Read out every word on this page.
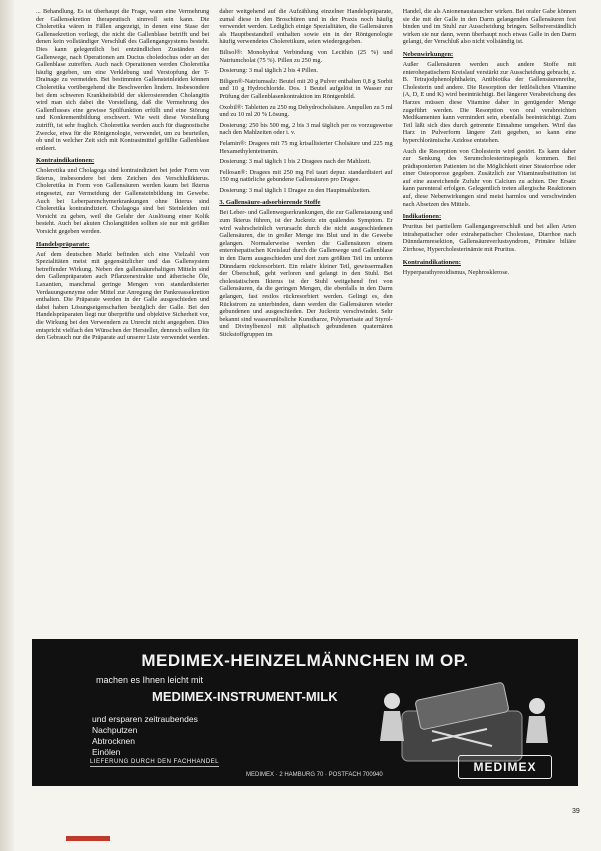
... Behandlung. Es ist überhaupt die Frage, wann eine Vermehrung der Gallensekretion therapeutisch sinnvoll sein kann. Die Choleretika wären in Fällen angezeigt, in denen eine Stase der Gallensekretion vorliegt, die nicht die Gallenblase betrifft und bei denen kein vollständiger Verschluß des Gallengangsystems besteht. Dies kann gelegentlich bei entzündlichen Zuständen der Gallenwege, nach Operationen am Ductus choledochus oder an der Gallenblase zutreffen. Auch nach Operationen werden Choleretika häufig gegeben, um eine Verklebung und Verstopfung der T-Drainage zu vermeiden. Bei bestimmten Gallensteinleiden können Choleretika vorübergehend die Beschwerden lindern. Insbesondere bei dem schweren Krankheitsbild der sklerosierenden Cholangitis wird man sich dabei die Vorstellung, daß die Vermehrung des Gallenflusses eine gewisse Spülfunktion erfüllt und eine Störung und Konkrementbildung erschwert. Wie weit diese Vorstellung zutrifft, ist sehr fraglich. Choleretika werden auch für diagnostische Zwecke, etwa für die Röntgenologie, verwendet, um zu beurteilen, ob und in welcher Zeit sich mit Kontrastmittel gefüllte Gallenblase entleert.

Kontraindikationen:

Choleretika und Cholagoga sind kontraindiziert bei jeder Form von Ikterus, insbesondere bei dem Zeichen des Verschlußikterus. Choleretika in Form von Gallensäuren werden kaum bei Ikterus eingesetzt, zur Vermeidung der Gallensteinbildung im Gewebe. Auch bei Leberparenchymerkrankungen ohne Ikterus sind Choleretika kontraindiziert. Cholagoga sind bei Steinleiden mit Vorsicht zu geben, weil die Gefahr der Auslösung einer Kolik besteht. Auch bei akuten Cholangitiden sollten sie nur mit größter Vorsicht gegeben werden.

Handelspräparate:

Auf dem deutschen Markt befinden sich eine Vielzahl von Spezialitäten meist mit gegensätzlicher und das Gallensystem betreffender Wirkung. Neben den gallensäurehaltigen Mitteln sind den Gallenpräparaten auch Pflanzenextrakte und ätherische Öle, Laxantien, manchmal geringe Mengen von standardisierter Verdauungsenzyme oder Mittel zur Anregung der Pankreassekretion enthalten. Die Präparate werden in der Galle ausgeschieden und dabei haben Lösungseigenschaften bezüglich der Galle. Bei den Handelspräparaten liegt nur überprüfte und objektive Sicherheit vor, die Wirkung bei den Verwendern zu Unrecht nicht angegeben. Dies entspricht vielfach den Wünschen der Hersteller, dennoch sollten für den Gebrauch nur die Präparate auf unserer Liste verwendet werden.

daher weitgehend auf die Aufzählung einzelner Handelspräparate, zumal diese in den Broschüren und in der Praxis noch häufig verwendet werden. Lediglich einige Spezialitäten, die Gallensäuren als Hauptbestandteil enthalten sowie ein in der Röntgenologie häufig verwendetes Choleretikum, seien wiedergegeben.

Bilisol®: Monohydrat Verbindung von Lecithin (25 %) und Natriumcholat (75 %). Pillen zu 250 mg.

Dosierung: 3 mal täglich 2 bis 4 Pillen.

Biligen®-Natriumsalz: Beutel mit 20 g Pulver enthalten 0,8 g Sorbit und 10 g Hydrochloride. Dos. 1 Beutel aufgelöst in Wasser zur Prüfung der Gallenblasenkontraktion im Röntgenbild.

Oxobil®: Tabletten zu 250 mg Dehydrocholsäure. Ampullen zu 5 ml und zu 10 ml 20 % Lösung.

Dosierung: 250 bis 500 mg, 2 bis 3 mal täglich per os vorzugsweise nach den Mahlzeiten oder i. v.

Felamin®: Dragees mit 75 mg krisallisierter Cholsäure und 225 mg Hexamethylentetramin.

Dosierung: 3 mal täglich 1 bis 2 Dragees nach der Mahlzeit.

Fellosan®: Dragees mit 250 mg Fel tauri depur. standardisiert auf 150 mg natürliche gebundene Gallensäuren pro Dragee.

Dosierung: 3 mal täglich 1 Dragee zu den Hauptmahlzeiten.

3. Gallensäure-adsorbierende Stoffe

Bei Leber- und Gallenwegserkrankungen, die zur Gallenstauung und zum Ikterus führen, ist der Juckreiz ein quälendes Symptom. Er wird wahrscheinlich verursacht durch die nicht ausgeschiedenen Gallensäuren, die in großer Menge ins Blut und in die Gewebe gelangen. Normalerweise werden die Gallensäuren einem enterohepatischen Kreislauf durch die Gallenwege und Gallenblase in den Darm ausgeschieden und dort zum größten Teil im unteren Dünndarm rückresorbiert. Ein relativ kleiner Teil, gewissermaßen der Überschuß, geht verloren und gelangt in den Stuhl. Bei cholestatischem Ikterus ist der Stuhl weitgehend frei von Gallensäuren, da die geringen Mengen, die ebenfalls in den Darm gelangen, fast restlos rückresorbiert werden. Gelingt es, den Rückstrom zu unterbinden, dann werden die Gallensäuren wieder gebundenen und ausgeschieden. Der Juckreiz verschwindet. Sehr bekannt sind wasserunlösliche Kunstharze, Polymerisate auf Styrol- und Divinylbenzol mit aliphatisch gebundenen quaternären Stickstoffgruppen im

Handel, die als Anionenaustauscher wirken. Bei oraler Gabe können sie die mit der Galle in den Darm gelangenden Gallensäuren fest binden und im Stuhl zur Ausscheidung bringen. Selbstverständlich wirken sie nur dann, wenn überhaupt noch etwas Galle in den Darm gelangt, der Verschluß also nicht vollständig ist.

Nebenwirkungen:

Außer Gallensäuren werden auch andere Stoffe mit enterohepatischem Kreislauf verstärkt zur Ausscheidung gebracht, z. B. Tetrajodphenolphthalein, Antibiotika der Gallensäurenreihe, Cholesterin und andere. Die Resorption der fettlöslichen Vitamine (A, D, E und K) wird beeinträchtigt. Bei längerer Verabreichung des Harzes müssen diese Vitamine daher in genügender Menge zugeführt werden. Die Resorption von oral verabreichten Medikamenten kann vermindert sein, ebenfalls beeinträchtigt. Zum Teil läßt sich dies durch getrennte Einnahme umgehen. Wird das Harz in Pulverform längere Zeit gegeben, so kann eine hyperchlorämische Azidose entstehen.

Auch die Resorption von Cholesterin wird gestört. Es kann daher zur Senkung des Serumcholesterinspiegels kommen. Bei prädisponierten Patienten ist die Möglichkeit einer Steatorrhoe oder einer Osteoporose gegeben. Zusätzlich zur Vitaminsubstitution ist auf eine ausreichende Zufuhr von Calcium zu achten. Der Ersatz kann parenteral erfolgen. Gelegentlich treten allergische Reaktionen auf, diese Nebenwirkungen sind meist harmlos und verschwinden nach Absetzen des Mittels.

Indikationen:

Pruritus bei partiellem Gallengangsverschluß und bei allen Arten intrahepatischer oder extrahepatischer Cholestase, Diarrhoe nach Dünndarmresektion, Gallensäureverlustsyndrom, Primäre biliäre Zirrhose, Hypercholesterinämie mit Pruritus.

Kontraindikationen:

Hyperparathyreoidismus, Nephrosklerose.

MEDIMEX-HEINZELMÄNNCHEN IM OP.
machen es Ihnen leicht mit
MEDIMEX-INSTRUMENT-MILK
und ersparen zeitraubendes
Nachputzen
Abtrocknen
Einölen
LIEFERUNG DURCH DEN FACHHANDEL
MEDIMEX · 2 HAMBURG 70 · POSTFACH 700940
MEDIMEX
39
